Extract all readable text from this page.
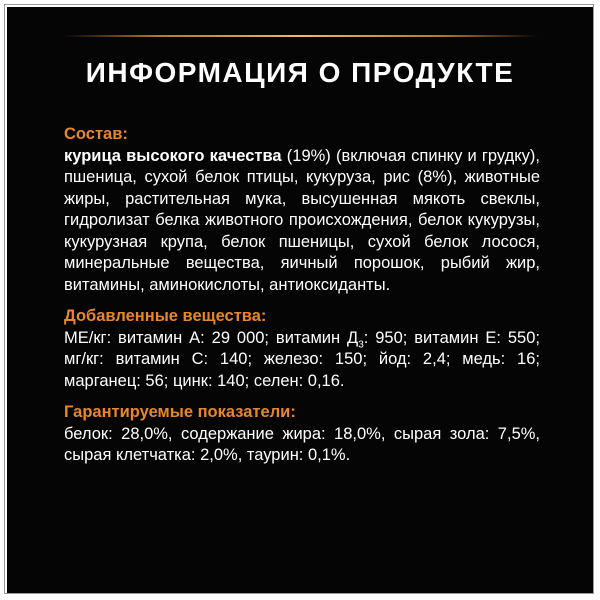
ИНФОРМАЦИЯ О ПРОДУКТЕ

Состав:

курица высокого качества (19%) (включая спинку и грудку), пшеница, сухой белок птицы, кукуруза, рис (8%), животные жиры, растительная мука, высушенная мякоть свеклы, гидролизат белка животного происхождения, белок кукурузы, кукурузная крупа, белок пшеницы, сухой белок лосося, минеральные вещества, яичный порошок, рыбий жир, витамины, аминокислоты, антиоксиданты.

Добавленные вещества:

МЕ/кг: витамин А: 29 000; витамин $Д_3$: 950; витамин Е: 550; мг/кг: витамин С: 140; железо: 150; йод: 2,4; медь: 16; марганец: 56; цинк: 140; селен: 0,16.

Гарантируемые показатели:

белок: 28,0%, содержание жира: 18,0%, сырая зола: 7,5%, сырая клетчатка: 2,0%, таурин: 0,1%.
